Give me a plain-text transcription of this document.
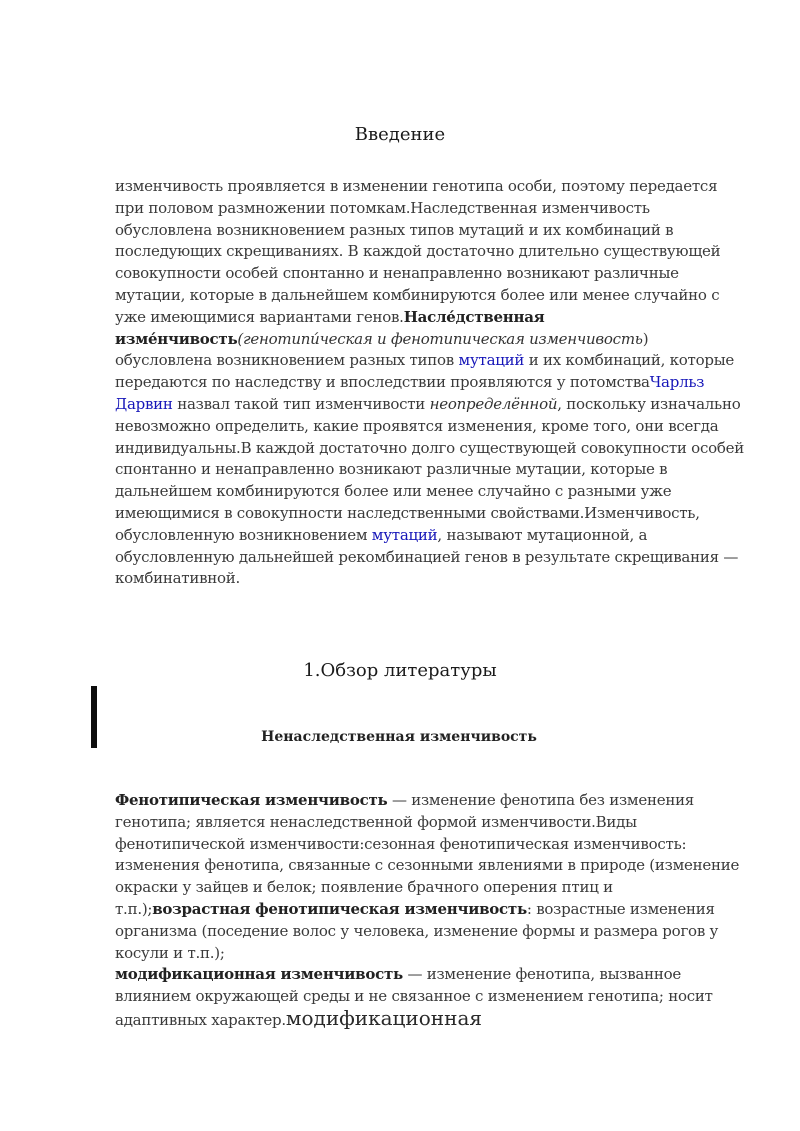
Введение

изменчивость проявляется в изменении генотипа особи, поэтому передается при половом размножении потомкам.Наследственная изменчивость обусловлена возникновением разных типов мутаций и их комбинаций в последующих скрещиваниях. В каждой достаточно длительно существующей совокупности особей спонтанно и ненаправленно возникают различные мутации, которые в дальнейшем комбинируются более или менее случайно с уже имеющимися вариантами генов.Насле́дственная изме́нчивость(генотипи́ческая и фенотипическая изменчивость) обусловлена возникновением разных типов мутаций и их комбинаций, которые передаются по наследству и впоследствии проявляются у потомстваЧарльз Дарвин назвал такой тип изменчивости неопределённой, поскольку изначально невозможно определить, какие проявятся изменения, кроме того, они всегда индивидуальны.В каждой достаточно долго существующей совокупности особей спонтанно и ненаправленно возникают различные мутации, которые в дальнейшем комбинируются более или менее случайно с разными уже имеющимися в совокупности наследственными свойствами.Изменчивость, обусловленную возникновением мутаций, называют мутационной, а обусловленную дальнейшей рекомбинацией генов в результате скрещивания — комбинативной.

1.Обзор литературы
Ненаследственная изменчивость

Фенотипическая изменчивость — изменение фенотипа без изменения генотипа; является ненаследственной формой изменчивости.Виды фенотипической изменчивости:сезонная фенотипическая изменчивость: изменения фенотипа, связанные с сезонными явлениями в природе (изменение окраски у зайцев и белок; появление брачного оперения птиц и т.п.);возрастная фенотипическая изменчивость: возрастные изменения организма (поседение волос у человека, изменение формы и размера рогов у косули и т.п.);
модификационная изменчивость — изменение фенотипа, вызванное влиянием окружающей среды и не связанное с изменением генотипа; носит адаптивных характер.модификационная
